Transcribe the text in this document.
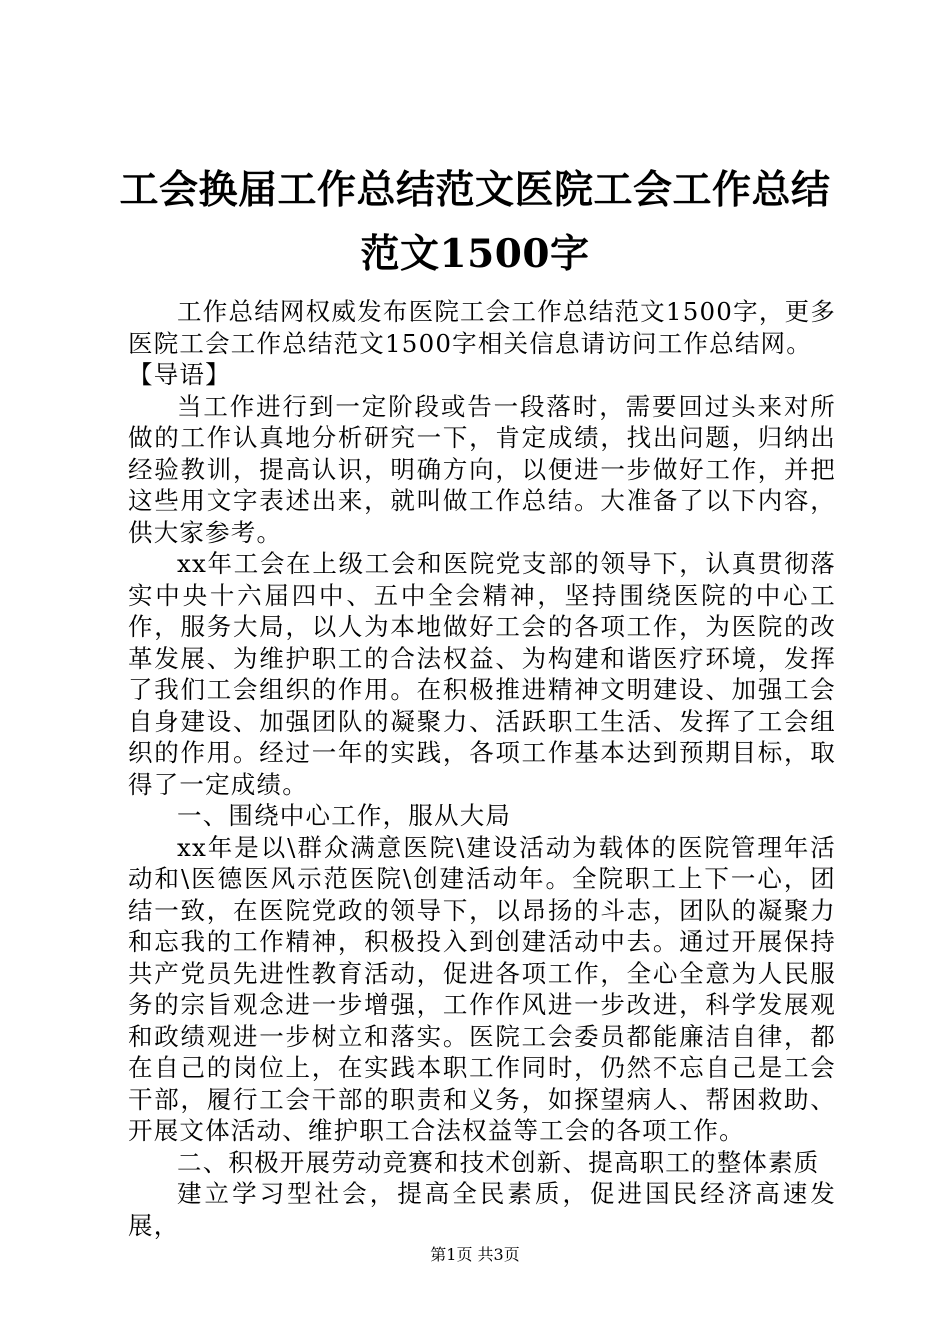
工会换届工作总结范文医院工会工作总结范文1500字

工作总结网权威发布医院工会工作总结范文1500字，更多医院工会工作总结范文1500字相关信息请访问工作总结网。

【导语】

当工作进行到一定阶段或告一段落时，需要回过头来对所做的工作认真地分析研究一下，肯定成绩，找出问题，归纳出经验教训，提高认识，明确方向，以便进一步做好工作，并把这些用文字表述出来，就叫做工作总结。大准备了以下内容，供大家参考。

xx年工会在上级工会和医院党支部的领导下，认真贯彻落实中央十六届四中、五中全会精神，坚持围绕医院的中心工作，服务大局，以人为本地做好工会的各项工作，为医院的改革发展、为维护职工的合法权益、为构建和谐医疗环境，发挥了我们工会组织的作用。在积极推进精神文明建设、加强工会自身建设、加强团队的凝聚力、活跃职工生活、发挥了工会组织的作用。经过一年的实践，各项工作基本达到预期目标，取得了一定成绩。

一、围绕中心工作，服从大局

xx年是以\群众满意医院\建设活动为载体的医院管理年活动和\医德医风示范医院\创建活动年。全院职工上下一心，团结一致，在医院党政的领导下，以昂扬的斗志，团队的凝聚力和忘我的工作精神，积极投入到创建活动中去。通过开展保持共产党员先进性教育活动，促进各项工作，全心全意为人民服务的宗旨观念进一步增强，工作作风进一步改进，科学发展观和政绩观进一步树立和落实。医院工会委员都能廉洁自律，都在自己的岗位上，在实践本职工作同时，仍然不忘自己是工会干部，履行工会干部的职责和义务，如探望病人、帮困救助、开展文体活动、维护职工合法权益等工会的各项工作。

二、积极开展劳动竞赛和技术创新、提高职工的整体素质

建立学习型社会，提高全民素质，促进国民经济高速发展，

第1页 共3页
